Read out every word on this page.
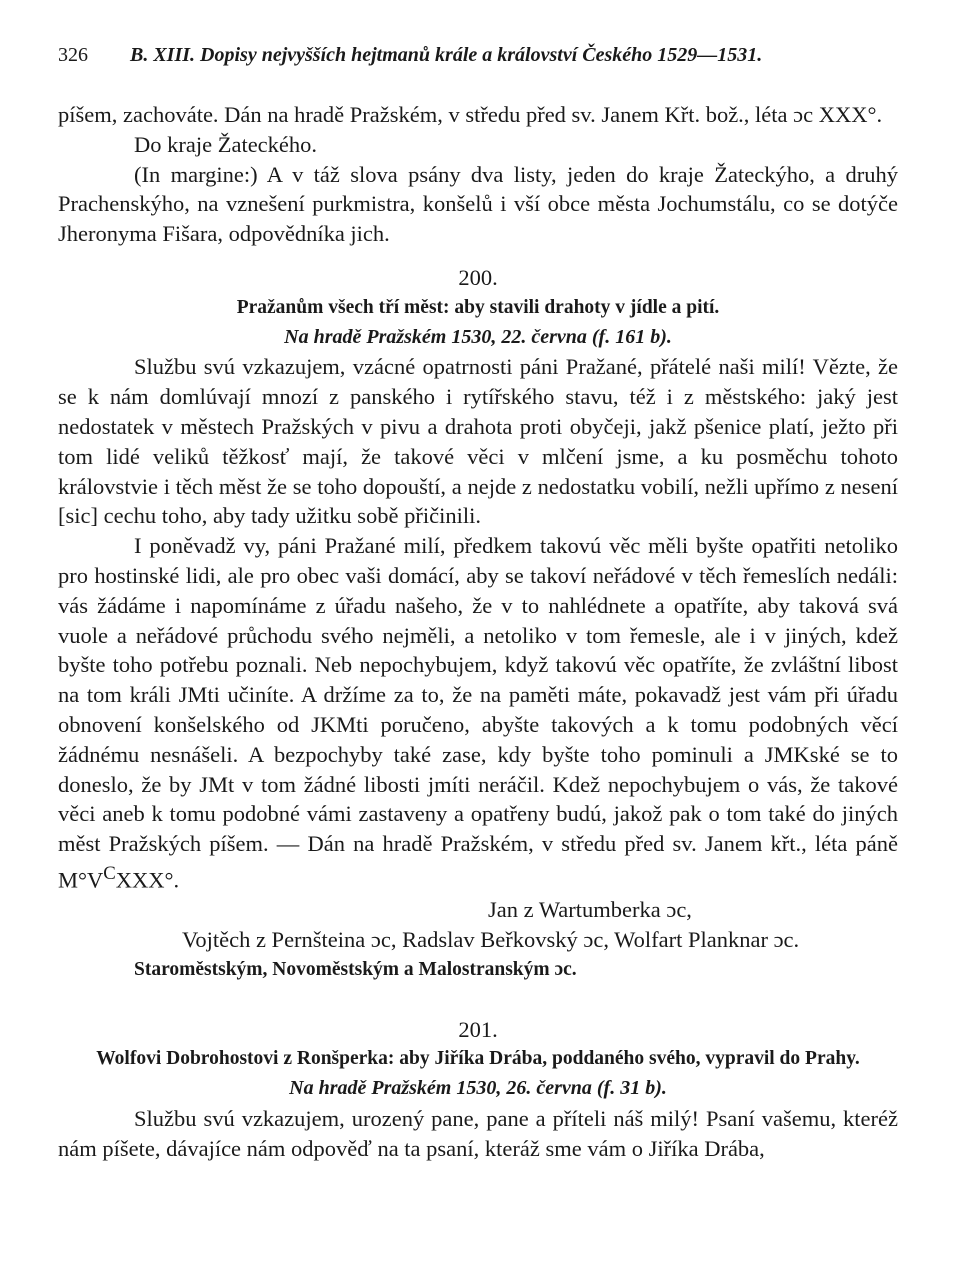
326 B. XIII. Dopisy nejvyšších hejtmanů krále a království Českého 1529—1531.

píšem, zachováte. Dán na hradě Pražském, v středu před sv. Janem Křt. bož., léta ɔc XXX°.

Do kraje Žateckého.

(In margine:) A v táž slova psány dva listy, jeden do kraje Žateckýho, a druhý Prachenskýho, na vznešení purkmistra, konšelů i vší obce města Jochumstálu, co se dotýče Jheronyma Fišara, odpovědníka jich.

200.

Pražanům všech tří měst: aby stavili drahoty v jídle a pití.

Na hradě Pražském 1530, 22. června (f. 161 b).

Službu svú vzkazujem, vzácné opatrnosti páni Pražané, přátelé naši milí! Vězte, že se k nám domlúvají mnozí z panského i rytířského stavu, též i z městského: jaký jest nedostatek v městech Pražských v pivu a drahota proti obyčeji, jakž pšenice platí, ježto při tom lidé veliků těžkosť mají, že takové věci v mlčení jsme, a ku posměchu tohoto královstvie i těch měst že se toho dopouští, a nejde z nedostatku vobilí, nežli upřímo z nesení [sic] cechu toho, aby tady užitku sobě přičinili.

I poněvadž vy, páni Pražané milí, předkem takovú věc měli byšte opatřiti netoliko pro hostinské lidi, ale pro obec vaši domácí, aby se takoví neřádové v těch řemeslích nedáli: vás žádáme i napomínáme z úřadu našeho, že v to nahlédnete a opatříte, aby taková svá vuole a neřádové průchodu svého nejměli, a netoliko v tom řemesle, ale i v jiných, kdež byšte toho potřebu poznali. Neb nepochybujem, když takovú věc opatříte, že zvláštní libost na tom králi JMti učiníte. A držíme za to, že na paměti máte, pokavadž jest vám při úřadu obnovení konšelského od JKMti poručeno, abyšte takových a k tomu podobných věcí žádnému nesnášeli. A bezpochyby také zase, kdy byšte toho pominuli a JMKské se to doneslo, že by JMt v tom žádné libosti jmíti neráčil. Kdež nepochybujem o vás, že takové věci aneb k tomu podobné vámi zastaveny a opatřeny budú, jakož pak o tom také do jiných měst Pražských píšem. — Dán na hradě Pražském, v středu před sv. Janem křt., léta páně $M^\circ V^CXXX^\circ$.

Jan z Wartumberka ɔc,

Vojtěch z Pernšteina ɔc, Radslav Beřkovský ɔc, Wolfart Planknar ɔc.

Staroměstským, Novoměstským a Malostranským ɔc.

201.

Wolfovi Dobrohostovi z Ronšperka: aby Jiříka Drába, poddaného svého, vypravil do Prahy.

Na hradě Pražském 1530, 26. června (f. 31 b).

Službu svú vzkazujem, urozený pane, pane a příteli náš milý! Psaní vašemu, kteréž nám píšete, dávajíce nám odpověď na ta psaní, kteráž sme vám o Jiříka Drába,
